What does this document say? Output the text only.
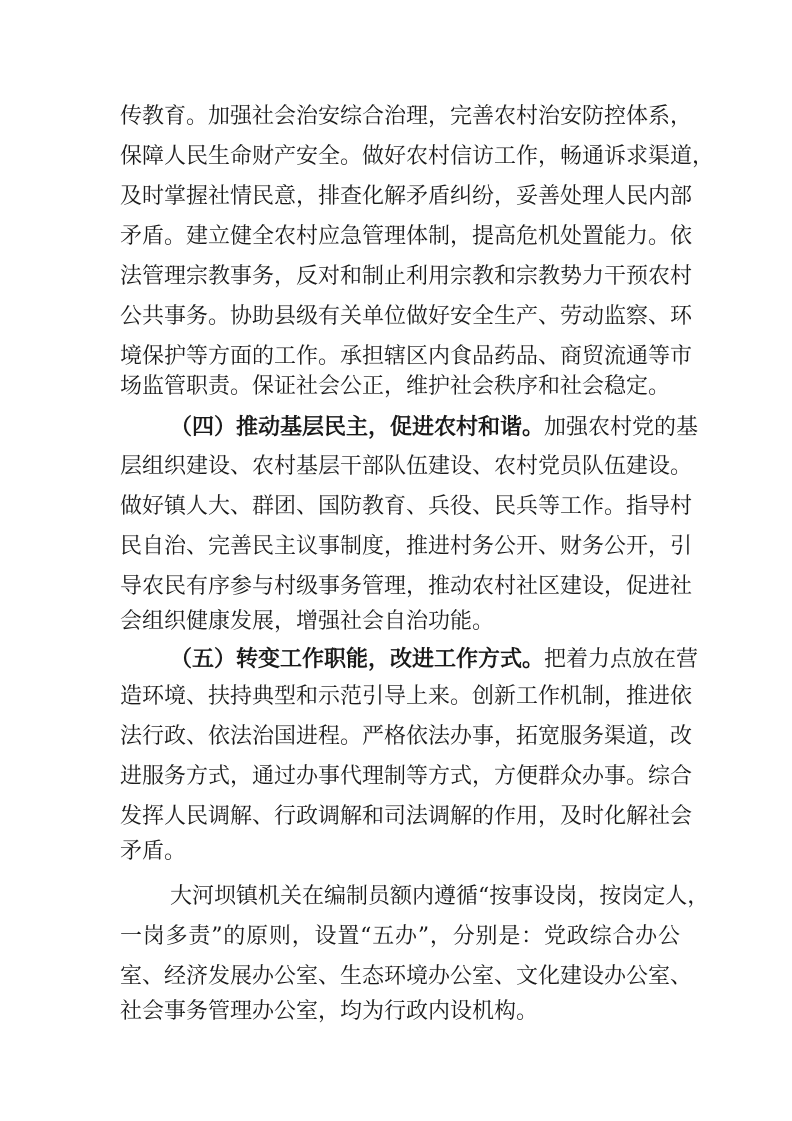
传教育。加强社会治安综合治理，完善农村治安防控体系，
保障人民生命财产安全。做好农村信访工作，畅通诉求渠道，
及时掌握社情民意，排查化解矛盾纠纷，妥善处理人民内部
矛盾。建立健全农村应急管理体制，提高危机处置能力。依
法管理宗教事务，反对和制止利用宗教和宗教势力干预农村
公共事务。协助县级有关单位做好安全生产、劳动监察、环
境保护等方面的工作。承担辖区内食品药品、商贸流通等市
场监管职责。保证社会公正，维护社会秩序和社会稳定。
（四）推动基层民主，促进农村和谐。加强农村党的基
层组织建设、农村基层干部队伍建设、农村党员队伍建设。
做好镇人大、群团、国防教育、兵役、民兵等工作。指导村
民自治、完善民主议事制度，推进村务公开、财务公开，引
导农民有序参与村级事务管理，推动农村社区建设，促进社
会组织健康发展，增强社会自治功能。
（五）转变工作职能，改进工作方式。把着力点放在营
造环境、扶持典型和示范引导上来。创新工作机制，推进依
法行政、依法治国进程。严格依法办事，拓宽服务渠道，改
进服务方式，通过办事代理制等方式，方便群众办事。综合
发挥人民调解、行政调解和司法调解的作用，及时化解社会
矛盾。
大河坝镇机关在编制员额内遵循“按事设岗，按岗定人，
一岗多责”的原则，设置“五办”，分别是：党政综合办公
室、经济发展办公室、生态环境办公室、文化建设办公室、
社会事务管理办公室，均为行政内设机构。
